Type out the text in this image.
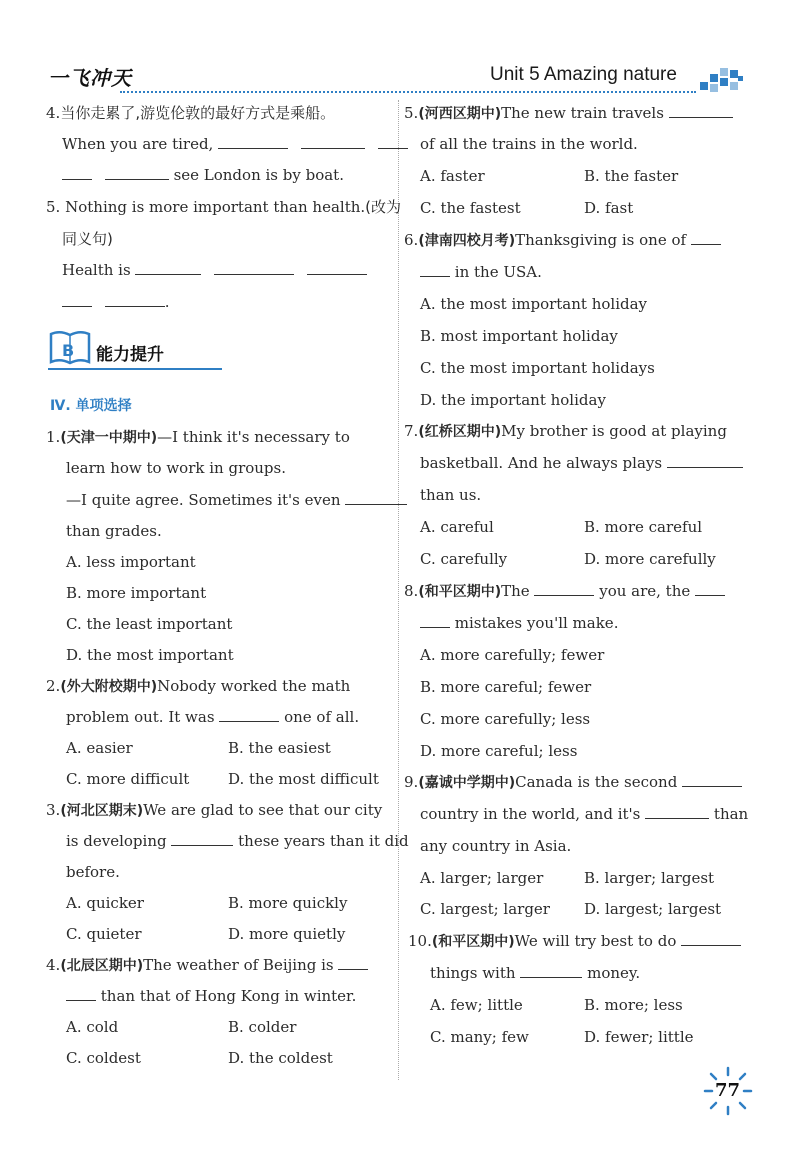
一飞冲天	Unit 5 Amazing nature
4.当你走累了,游览伦敦的最好方式是乘船。
When you are tired,
see London is by boat.
5. Nothing is more important than health.(改为
同义句)
Health is
.
B 能力提升
Ⅳ. 单项选择
1.(天津一中期中)—I think it's necessary to
learn how to work in groups.
—I quite agree. Sometimes it's even
than grades.
A. less important
B. more important
C. the least important
D. the most important
2.(外大附校期中)Nobody worked the math
problem out. It was	one of all.
A. easier	B. the easiest
C. more difficult	D. the most difficult
3.(河北区期末)We are glad to see that our city
is developing	these years than it did
before.
A. quicker	B. more quickly
C. quieter	D. more quietly
4.(北辰区期中)The weather of Beijing is
than that of Hong Kong in winter.
A. cold	B. colder
C. coldest	D. the coldest
5.(河西区期中)The new train travels
of all the trains in the world.
A. faster	B. the faster
C. the fastest	D. fast
6.(津南四校月考)Thanksgiving is one of
in the USA.
A. the most important holiday
B. most important holiday
C. the most important holidays
D. the important holiday
7.(红桥区期中)My brother is good at playing
basketball. And he always plays
than us.
A. careful	B. more careful
C. carefully	D. more carefully
8.(和平区期中)The	you are, the
mistakes you'll make.
A. more carefully; fewer
B. more careful; fewer
C. more carefully; less
D. more careful; less
9.(嘉诚中学期中)Canada is the second
country in the world, and it's	than
any country in Asia.
A. larger; larger	B. larger; largest
C. largest; larger D. largest; largest
10.(和平区期中)We will try best to do
things with	money.
A. few; little	B. more; less
C. many; few	D. fewer; little
77
